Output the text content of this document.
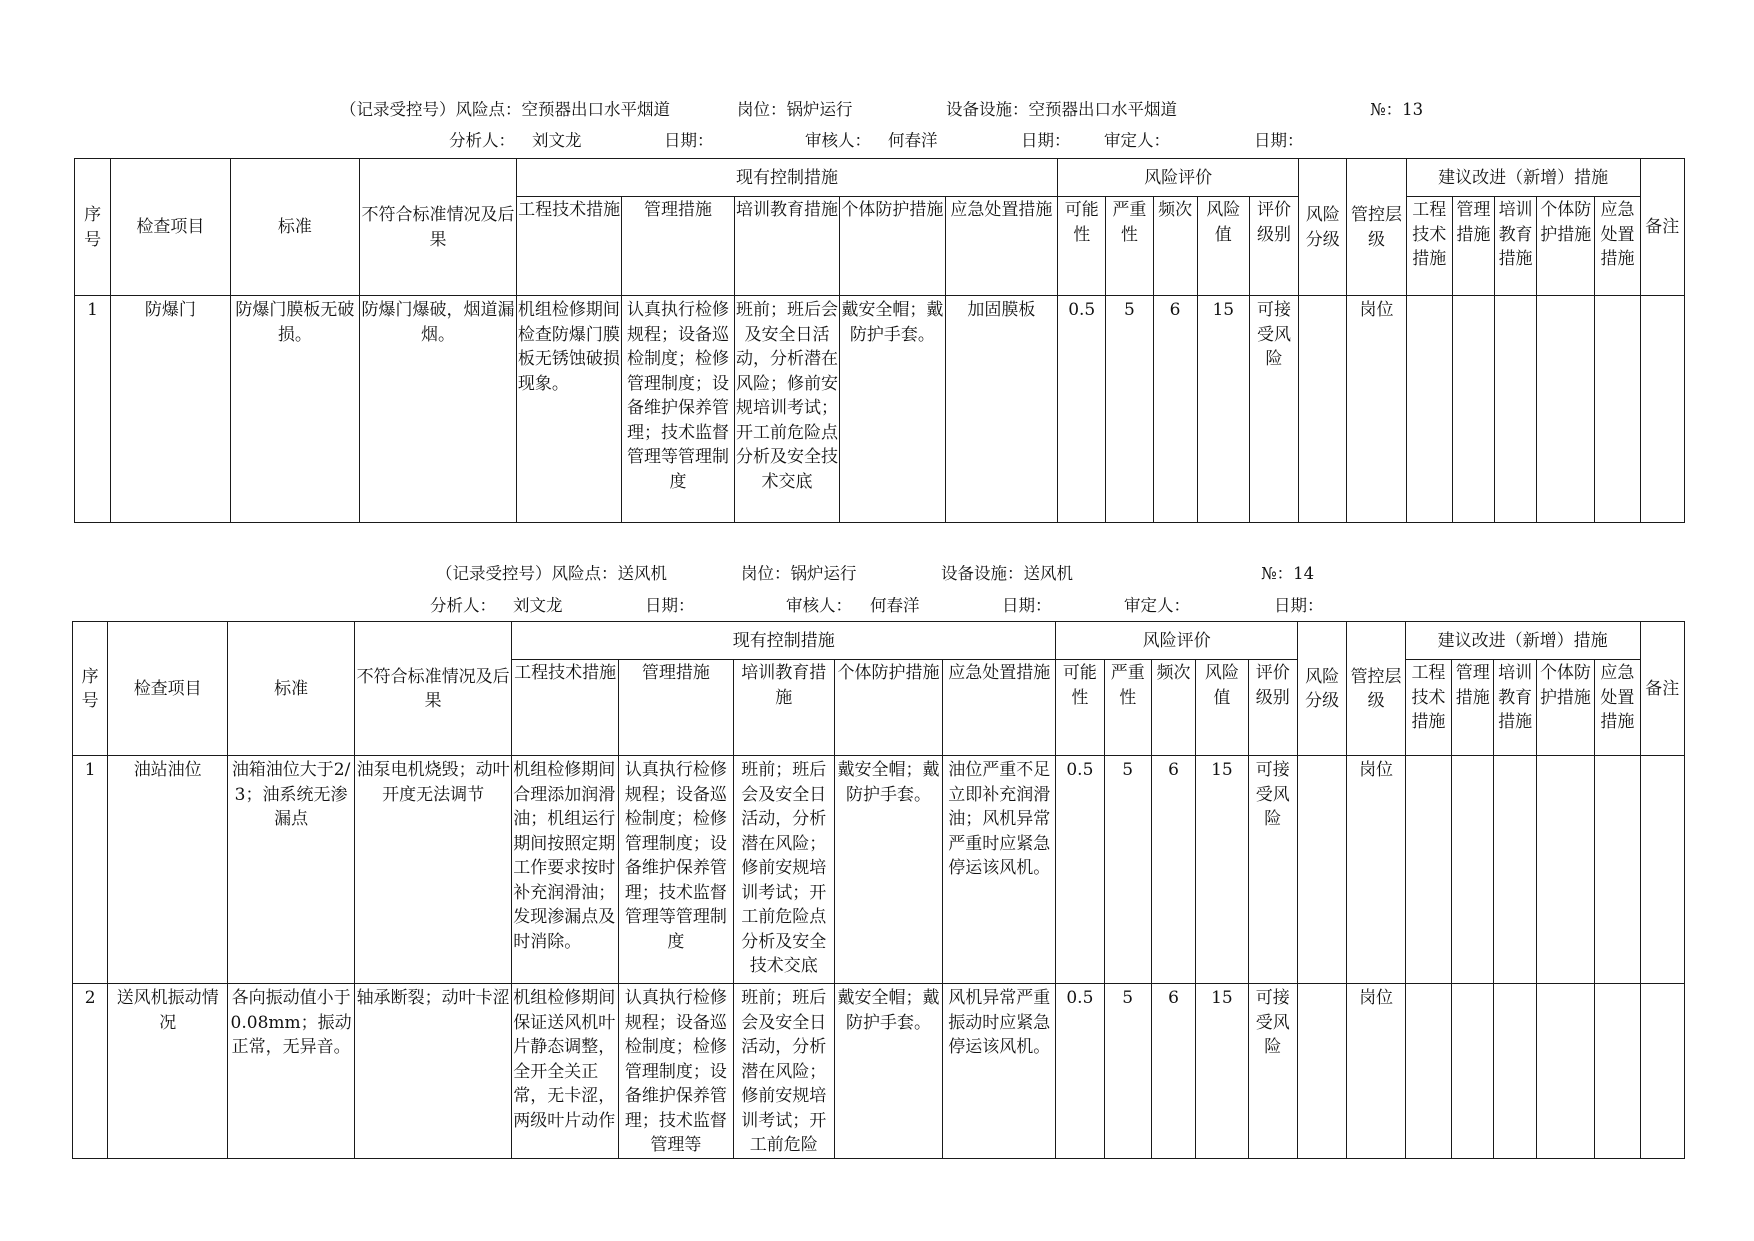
（记录受控号）风险点：空预器出口水平烟道	岗位：锅炉运行	设备设施：空预器出口水平烟道	№：13
分析人： 刘文龙	日期：	审核人： 何春洋	日期： 审定人：	日期：
序号	检查项目	标准	不符合标准情况及后果	现有控制措施					风险评价					风险分级	管控层级	建议改进（新增）措施					备注
				工程技术措施	管理措施	培训教育措施	个体防护措施	应急处置措施	可能性	严重性	频次	风险值	评价级别			工程技术措施	管理措施	培训教育措施	个体防护措施	应急处置措施	
1	防爆门	防爆门膜板无破损。	防爆门爆破，烟道漏烟。	机组检修期间检查防爆门膜板无锈蚀破损现象。	认真执行检修规程；设备巡检制度；检修管理制度；设备维护保养管理；技术监督管理等管理制度	班前；班后会及安全日活动，分析潜在风险；修前安规培训考试；开工前危险点分析及安全技术交底	戴安全帽；戴防护手套。	加固膜板	0.5	5	6	15	可接受风险		岗位						
（记录受控号）风险点：送风机	岗位：锅炉运行	设备设施：送风机	№：14
分析人： 刘文龙	日期：	审核人： 何春洋	日期：	审定人：	日期：
序号	检查项目	标准	不符合标准情况及后果	现有控制措施					风险评价					风险分级	管控层级	建议改进（新增）措施					备注
				工程技术措施	管理措施	培训教育措施	个体防护措施	应急处置措施	可能性	严重性	频次	风险值	评价级别			工程技术措施	管理措施	培训教育措施	个体防护措施	应急处置措施	
1	油站油位	油箱油位大于2/3；油系统无渗漏点	油泵电机烧毁；动叶开度无法调节	机组检修期间合理添加润滑油；机组运行期间按照定期工作要求按时补充润滑油；发现渗漏点及时消除。	认真执行检修规程；设备巡检制度；检修管理制度；设备维护保养管理；技术监督管理等管理制度	班前；班后会及安全日活动，分析潜在风险；修前安规培训考试；开工前危险点分析及安全技术交底	戴安全帽；戴防护手套。	油位严重不足立即补充润滑油；风机异常严重时应紧急停运该风机。	0.5	5	6	15	可接受风险		岗位						
2	送风机振动情况	各向振动值小于0.08mm；振动正常，无异音。	轴承断裂；动叶卡涩	机组检修期间保证送风机叶片静态调整，全开全关正常，无卡涩，两级叶片动作	认真执行检修规程；设备巡检制度；检修管理制度；设备维护保养管理；技术监督管理等	班前；班后会及安全日活动，分析潜在风险；修前安规培训考试；开工前危险	戴安全帽；戴防护手套。	风机异常严重振动时应紧急停运该风机。	0.5	5	6	15	可接受风险		岗位						
